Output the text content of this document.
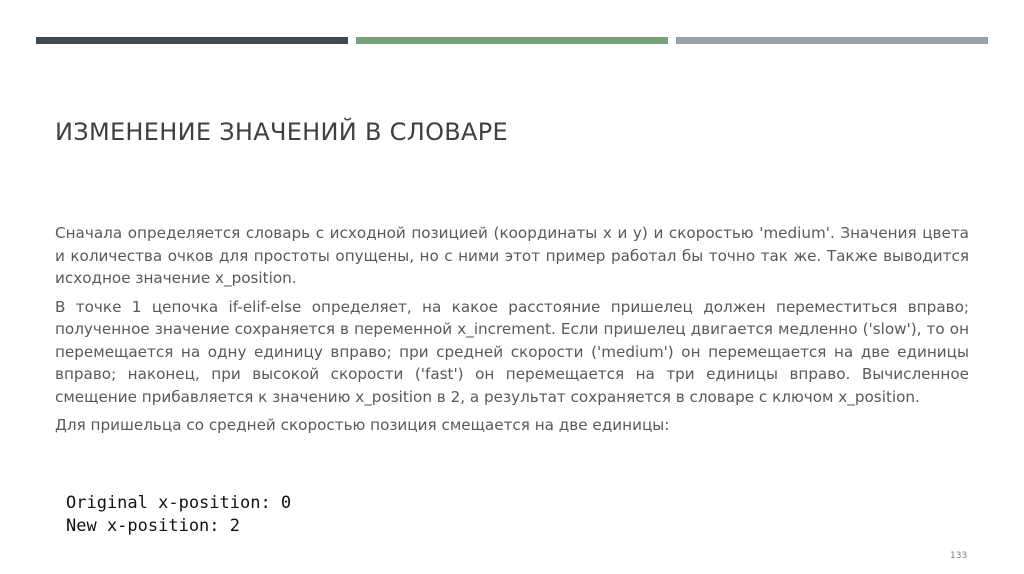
ИЗМЕНЕНИЕ ЗНАЧЕНИЙ В СЛОВАРЕ

Сначала определяется словарь с исходной позицией (координаты x и y) и скоростью 'medium'. Значения цвета и количества очков для простоты опущены, но с ними этот пример работал бы точно так же. Также выводится исходное значение x_position.

В точке 1 цепочка if-elif-else определяет, на какое расстояние пришелец должен переместиться вправо; полученное значение сохраняется в переменной x_increment. Если пришелец двигается медленно ('slow'), то он перемещается на одну единицу вправо; при средней скорости ('medium') он перемещается на две единицы вправо; наконец, при высокой скорости ('fast') он перемещается на три единицы вправо. Вычисленное смещение прибавляется к значению x_position в 2, а результат сохраняется в словаре с ключом x_position.

Для пришельца со средней скоростью позиция смещается на две единицы:

Original x-position: 0
New x-position: 2
133
